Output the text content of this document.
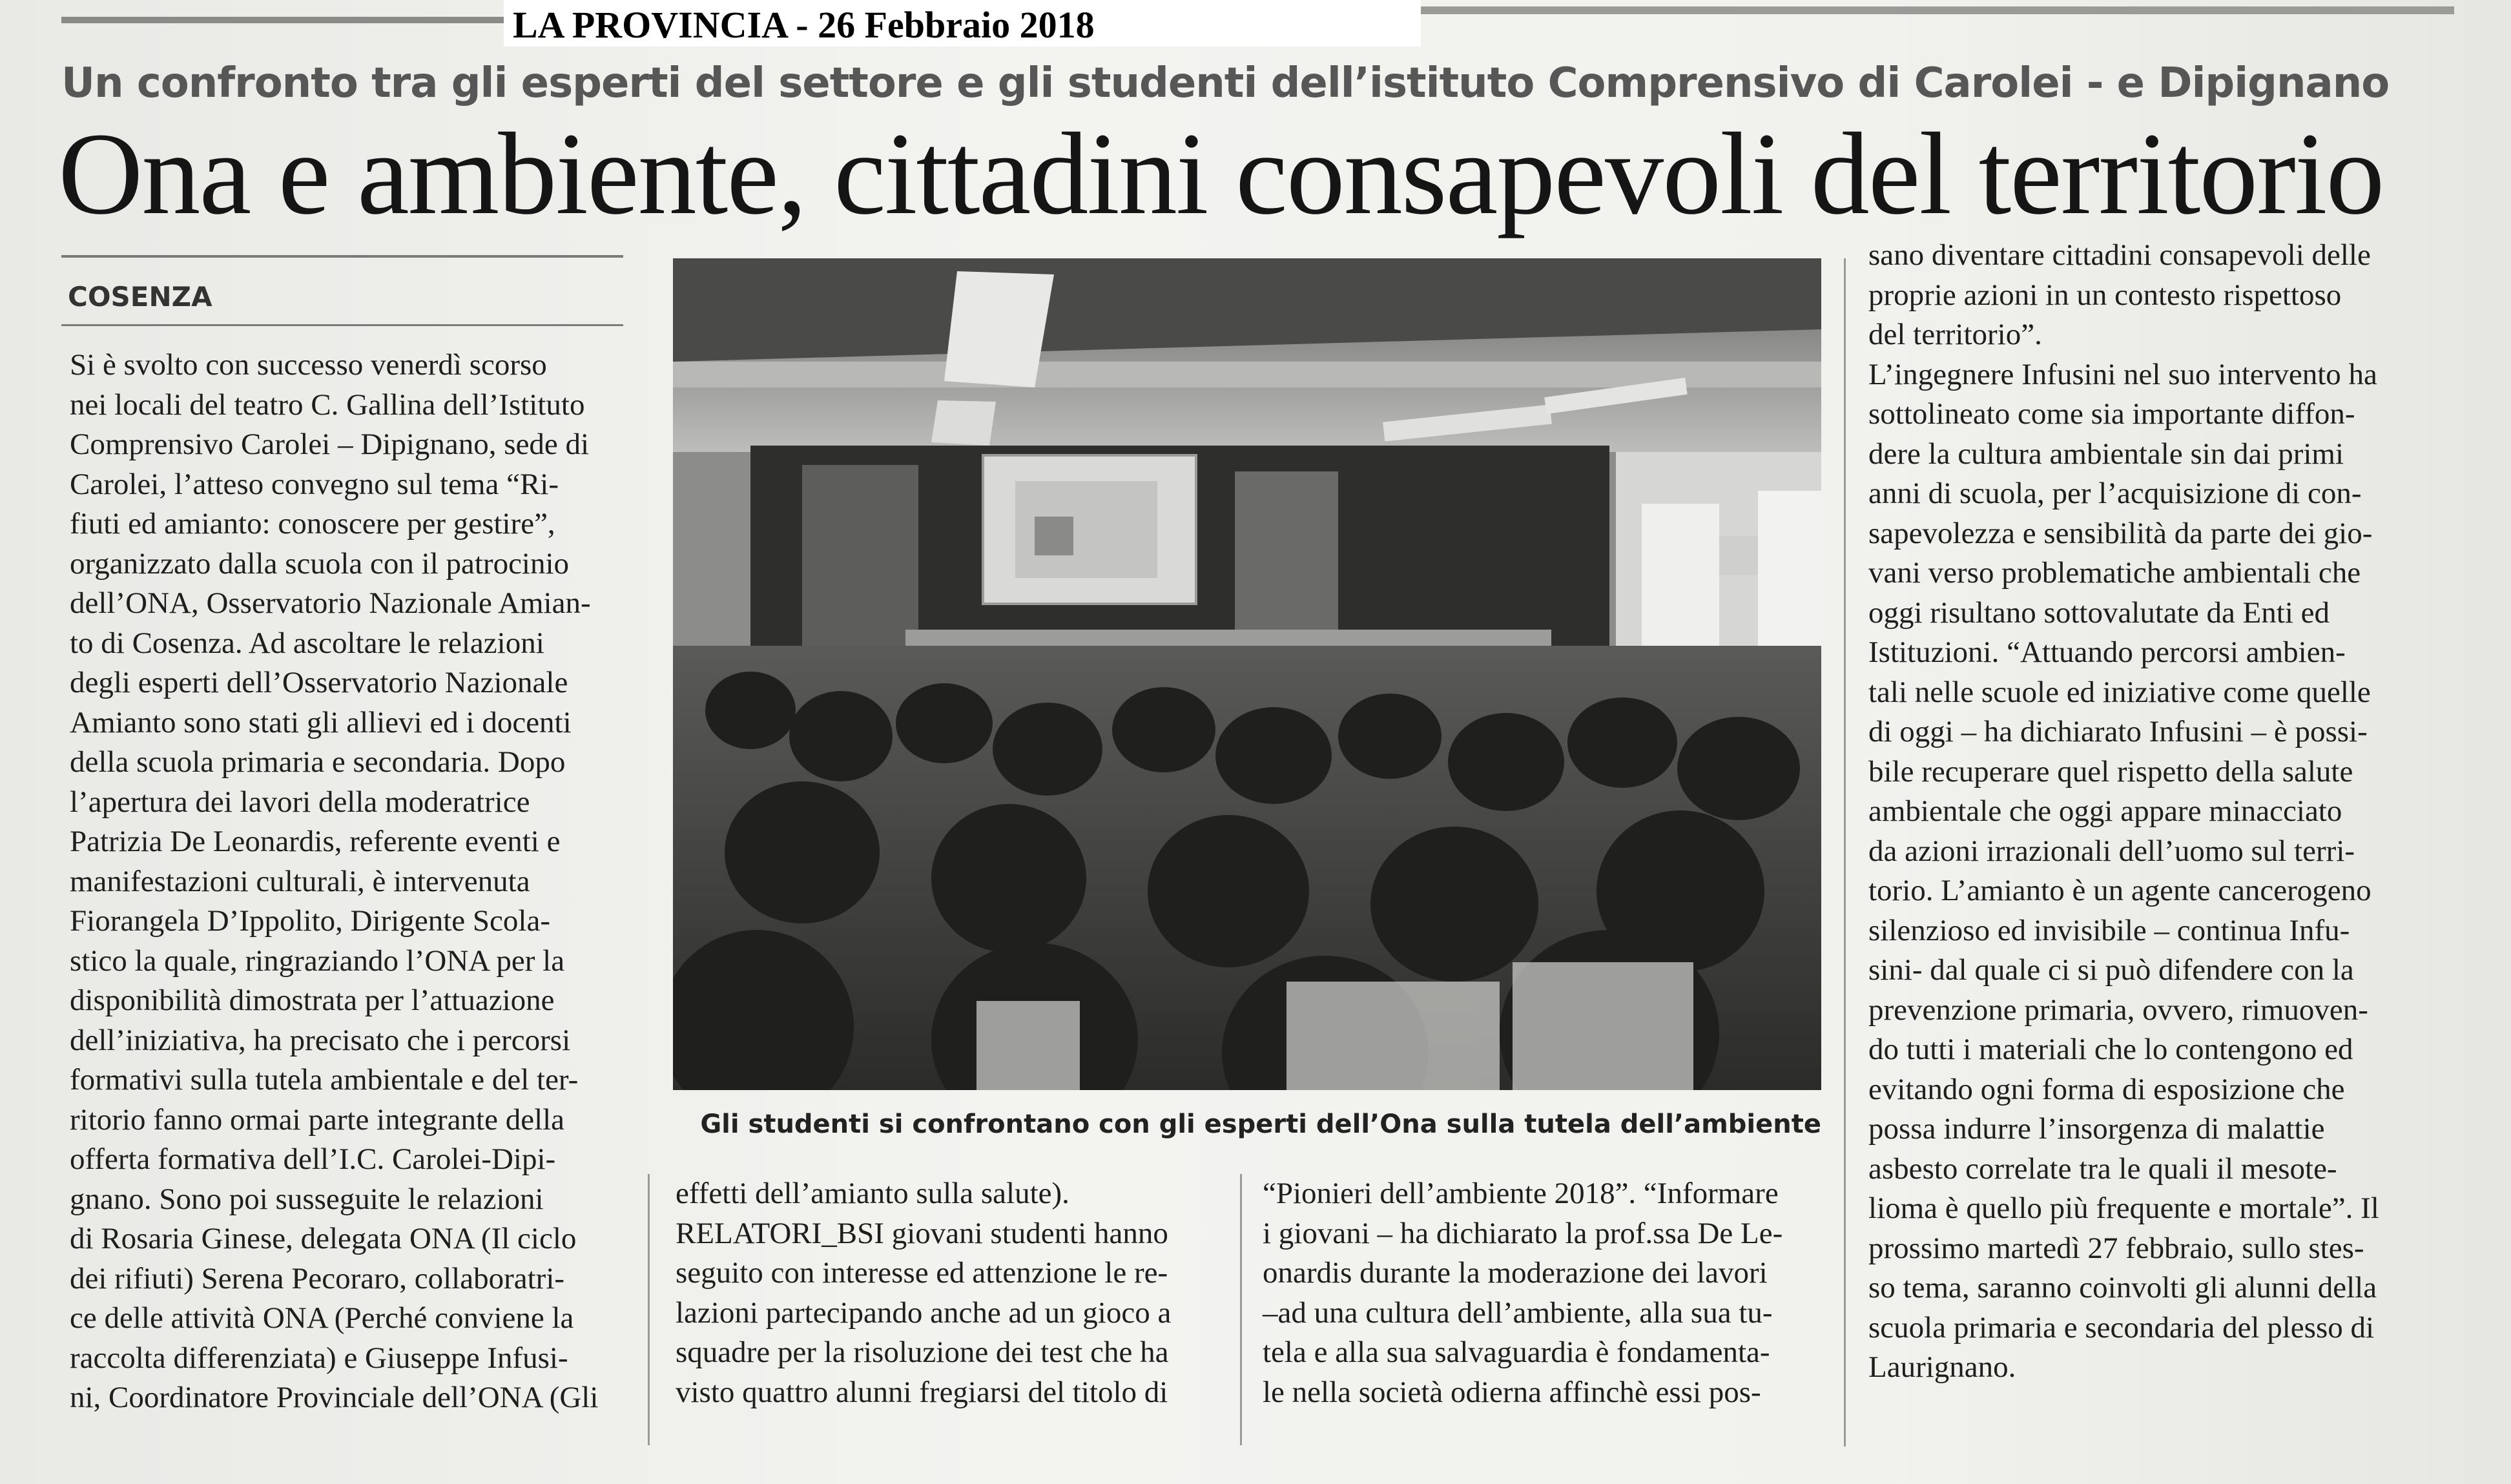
LA PROVINCIA - 26 Febbraio 2018
Un confronto tra gli esperti del settore e gli studenti dell’istituto Comprensivo di Carolei - e Dipignano
Ona e ambiente, cittadini consapevoli del territorio
COSENZA
Si è svolto con successo venerdì scorso
nei locali del teatro C. Gallina dell’Istituto
Comprensivo Carolei – Dipignano, sede di
Carolei, l’atteso convegno sul tema “Ri-
fiuti ed amianto: conoscere per gestire”,
organizzato dalla scuola con il patrocinio
dell’ONA, Osservatorio Nazionale Amian-
to di Cosenza. Ad ascoltare le relazioni
degli esperti dell’Osservatorio Nazionale
Amianto sono stati gli allievi ed i docenti
della scuola primaria e secondaria. Dopo
l’apertura dei lavori della moderatrice
Patrizia De Leonardis, referente eventi e
manifestazioni culturali, è intervenuta
Fiorangela D’Ippolito, Dirigente Scola-
stico la quale, ringraziando l’ONA per la
disponibilità dimostrata per l’attuazione
dell’iniziativa, ha precisato che i percorsi
formativi sulla tutela ambientale e del ter-
ritorio fanno ormai parte integrante della
offerta formativa dell’I.C. Carolei-Dipi-
gnano. Sono poi susseguite le relazioni
di Rosaria Ginese, delegata ONA (Il ciclo
dei rifiuti) Serena Pecoraro, collaboratri-
ce delle attività ONA (Perché conviene la
raccolta differenziata) e Giuseppe Infusi-
ni, Coordinatore Provinciale dell’ONA (Gli
Gli studenti si confrontano con gli esperti dell’Ona sulla tutela dell’ambiente
effetti dell’amianto sulla salute).
RELATORI_BSI giovani studenti hanno
seguito con interesse ed attenzione le re-
lazioni partecipando anche ad un gioco a
squadre per la risoluzione dei test che ha
visto quattro alunni fregiarsi del titolo di
“Pionieri dell’ambiente 2018”. “Informare
i giovani – ha dichiarato la prof.ssa De Le-
onardis durante la moderazione dei lavori
–ad una cultura dell’ambiente, alla sua tu-
tela e alla sua salvaguardia è fondamenta-
le nella società odierna affinchè essi pos-
sano diventare cittadini consapevoli delle
proprie azioni in un contesto rispettoso
del territorio”.
L’ingegnere Infusini nel suo intervento ha
sottolineato come sia importante diffon-
dere la cultura ambientale sin dai primi
anni di scuola, per l’acquisizione di con-
sapevolezza e sensibilità da parte dei gio-
vani verso problematiche ambientali che
oggi risultano sottovalutate da Enti ed
Istituzioni. “Attuando percorsi ambien-
tali nelle scuole ed iniziative come quelle
di oggi – ha dichiarato Infusini – è possi-
bile recuperare quel rispetto della salute
ambientale che oggi appare minacciato
da azioni irrazionali dell’uomo sul terri-
torio. L’amianto è un agente cancerogeno
silenzioso ed invisibile – continua Infu-
sini- dal quale ci si può difendere con la
prevenzione primaria, ovvero, rimuoven-
do tutti i materiali che lo contengono ed
evitando ogni forma di esposizione che
possa indurre l’insorgenza di malattie
asbesto correlate tra le quali il mesote-
lioma è quello più frequente e mortale”. Il
prossimo martedì 27 febbraio, sullo stes-
so tema, saranno coinvolti gli alunni della
scuola primaria e secondaria del plesso di
Laurignano.
